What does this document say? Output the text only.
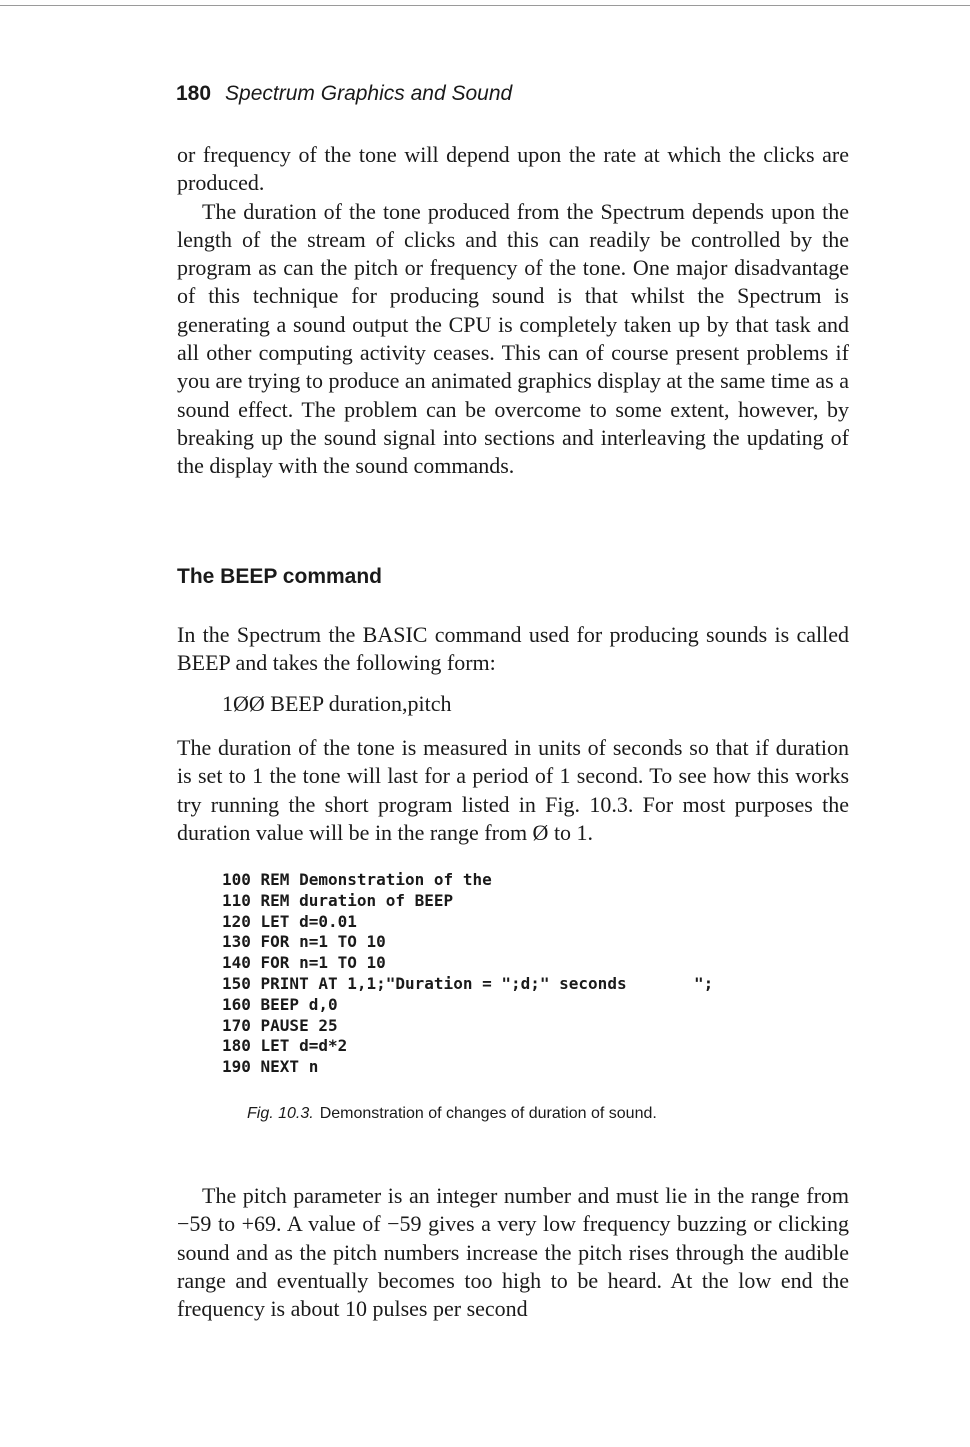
180 Spectrum Graphics and Sound

or frequency of the tone will depend upon the rate at which the clicks are produced.

The duration of the tone produced from the Spectrum depends upon the length of the stream of clicks and this can readily be controlled by the program as can the pitch or frequency of the tone. One major disadvantage of this technique for producing sound is that whilst the Spectrum is generating a sound output the CPU is completely taken up by that task and all other computing activity ceases. This can of course present problems if you are trying to produce an animated graphics display at the same time as a sound effect. The problem can be overcome to some extent, however, by breaking up the sound signal into sections and interleaving the updating of the display with the sound commands.

The BEEP command

In the Spectrum the BASIC command used for producing sounds is called BEEP and takes the following form:

1ØØ BEEP duration,pitch

The duration of the tone is measured in units of seconds so that if duration is set to 1 the tone will last for a period of 1 second. To see how this works try running the short program listed in Fig. 10.3. For most purposes the duration value will be in the range from Ø to 1.

100 REM Demonstration of the
110 REM duration of BEEP
120 LET d=0.01
130 FOR n=1 TO 10
140 FOR n=1 TO 10
150 PRINT AT 1,1;"Duration = ";d;" seconds       ";
160 BEEP d,0
170 PAUSE 25
180 LET d=d*2
190 NEXT n
Fig. 10.3. Demonstration of changes of duration of sound.

The pitch parameter is an integer number and must lie in the range from −59 to +69. A value of −59 gives a very low frequency buzzing or clicking sound and as the pitch numbers increase the pitch rises through the audible range and eventually becomes too high to be heard. At the low end the frequency is about 10 pulses per second
